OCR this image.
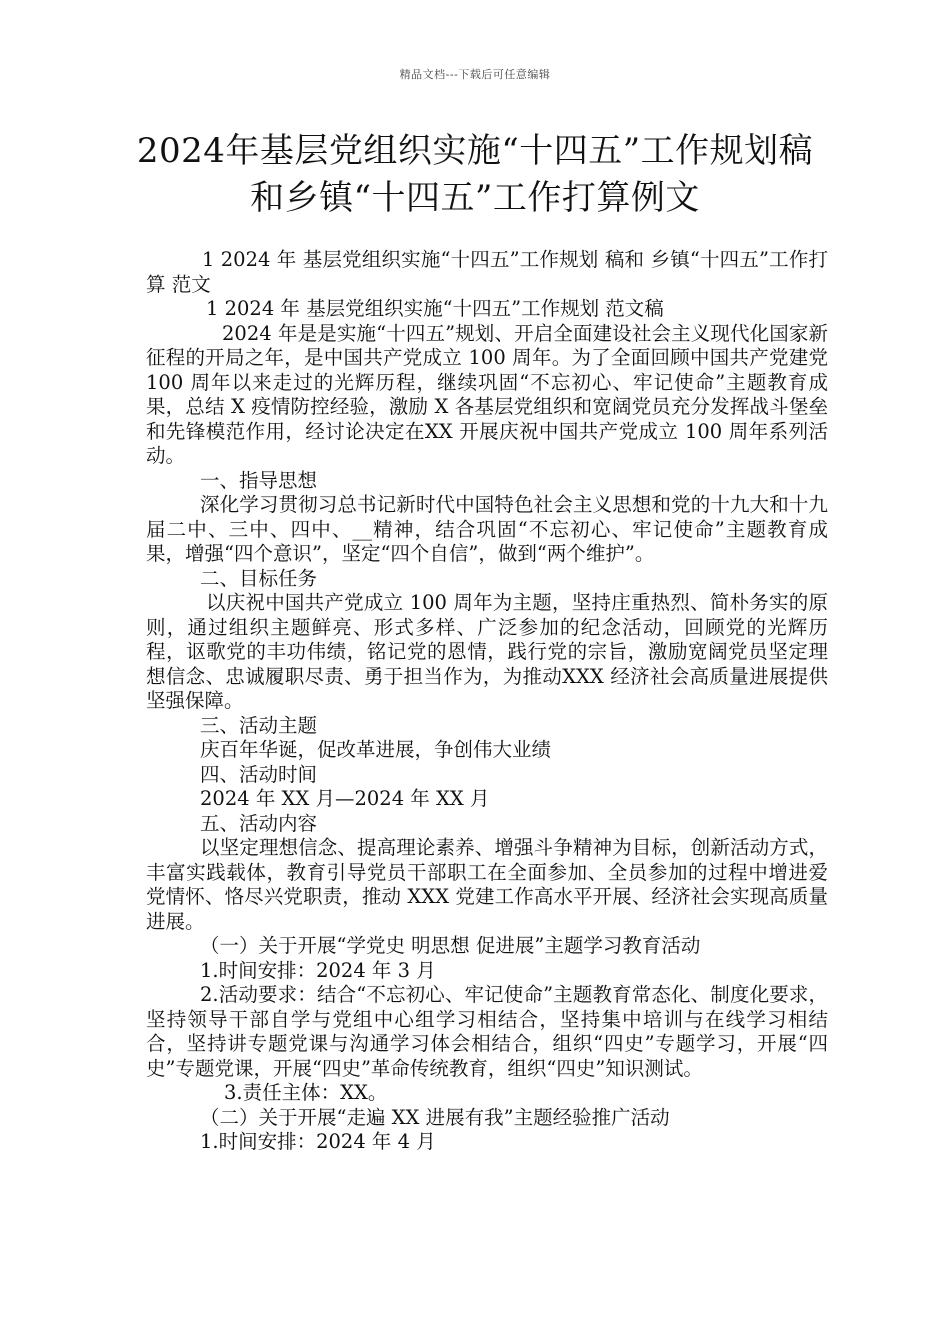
精品文档---下载后可任意编辑
2024年基层党组织实施“十四五”工作规划稿和乡镇“十四五”工作打算例文

1 2024 年 基层党组织实施“十四五”工作规划 稿和 乡镇“十四五”工作打算 范文

1 2024 年 基层党组织实施“十四五”工作规划 范文稿

2024 年是是实施“十四五”规划、开启全面建设社会主义现代化国家新征程的开局之年，是中国共产党成立 100 周年。为了全面回顾中国共产党建党 100 周年以来走过的光辉历程，继续巩固“不忘初心、牢记使命”主题教育成果，总结 X 疫情防控经验，激励 X 各基层党组织和宽阔党员充分发挥战斗堡垒和先锋模范作用，经讨论决定在XX 开展庆祝中国共产党成立 100 周年系列活动。

一、指导思想

深化学习贯彻习总书记新时代中国特色社会主义思想和党的十九大和十九届二中、三中、四中、__精神，结合巩固“不忘初心、牢记使命”主题教育成果，增强“四个意识”，坚定“四个自信”，做到“两个维护”。

二、目标任务

以庆祝中国共产党成立 100 周年为主题，坚持庄重热烈、简朴务实的原则，通过组织主题鲜亮、形式多样、广泛参加的纪念活动，回顾党的光辉历程，讴歌党的丰功伟绩，铭记党的恩情，践行党的宗旨，激励宽阔党员坚定理想信念、忠诚履职尽责、勇于担当作为，为推动XXX 经济社会高质量进展提供坚强保障。

三、活动主题

庆百年华诞，促改革进展，争创伟大业绩

四、活动时间

2024 年 XX 月—2024 年 XX 月

五、活动内容

以坚定理想信念、提高理论素养、增强斗争精神为目标，创新活动方式，丰富实践载体，教育引导党员干部职工在全面参加、全员参加的过程中增进爱党情怀、恪尽兴党职责，推动 XXX 党建工作高水平开展、经济社会实现高质量进展。

（一）关于开展“学党史 明思想 促进展”主题学习教育活动

1.时间安排：2024 年 3 月

2.活动要求：结合“不忘初心、牢记使命”主题教育常态化、制度化要求，坚持领导干部自学与党组中心组学习相结合，坚持集中培训与在线学习相结合，坚持讲专题党课与沟通学习体会相结合，组织“四史”专题学习，开展“四史”专题党课，开展“四史”革命传统教育，组织“四史”知识测试。

3.责任主体：XX。

（二）关于开展“走遍 XX 进展有我”主题经验推广活动

1.时间安排：2024 年 4 月
